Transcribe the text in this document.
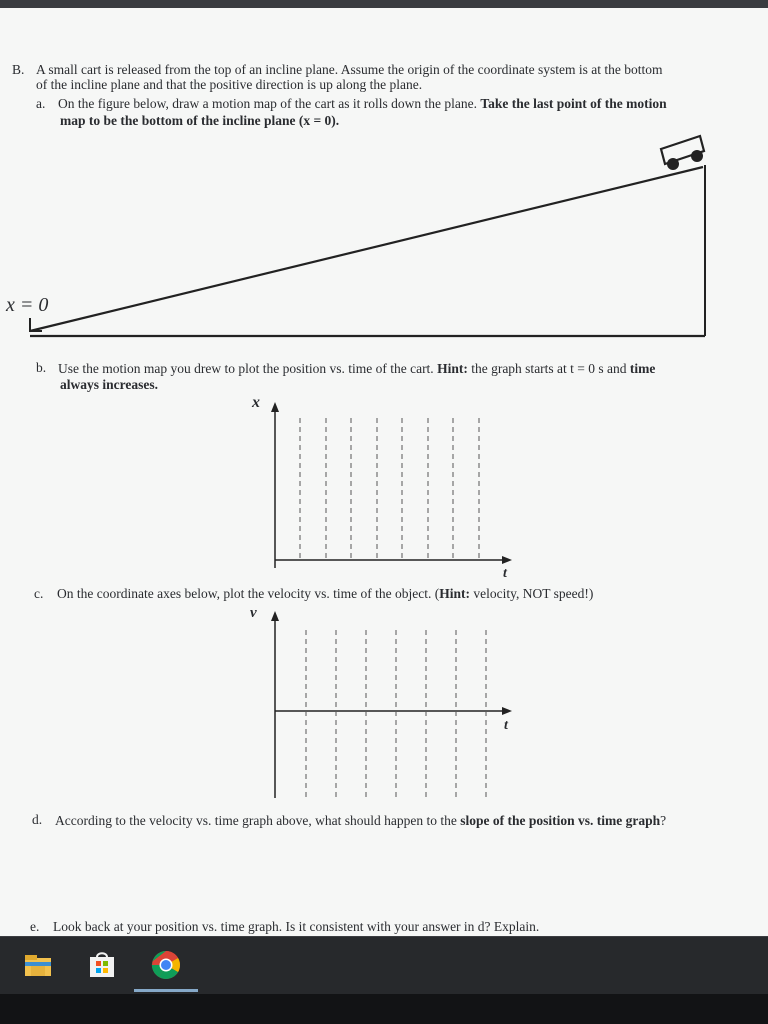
B. A small cart is released from the top of an incline plane. Assume the origin of the coordinate system is at the bottom

of the incline plane and that the positive direction is up along the plane.

a. On the figure below, draw a motion map of the cart as it rolls down the plane. Take the last point of the motion

map to be the bottom of the incline plane (x = 0).

x = 0

b. Use the motion map you drew to plot the position vs. time of the cart. Hint: the graph starts at t = 0 s and time

always increases.

x
t

c. On the coordinate axes below, plot the velocity vs. time of the object. (Hint: velocity, NOT speed!)

v
t

d. According to the velocity vs. time graph above, what should happen to the slope of the position vs. time graph?

e. Look back at your position vs. time graph. Is it consistent with your answer in d? Explain.
